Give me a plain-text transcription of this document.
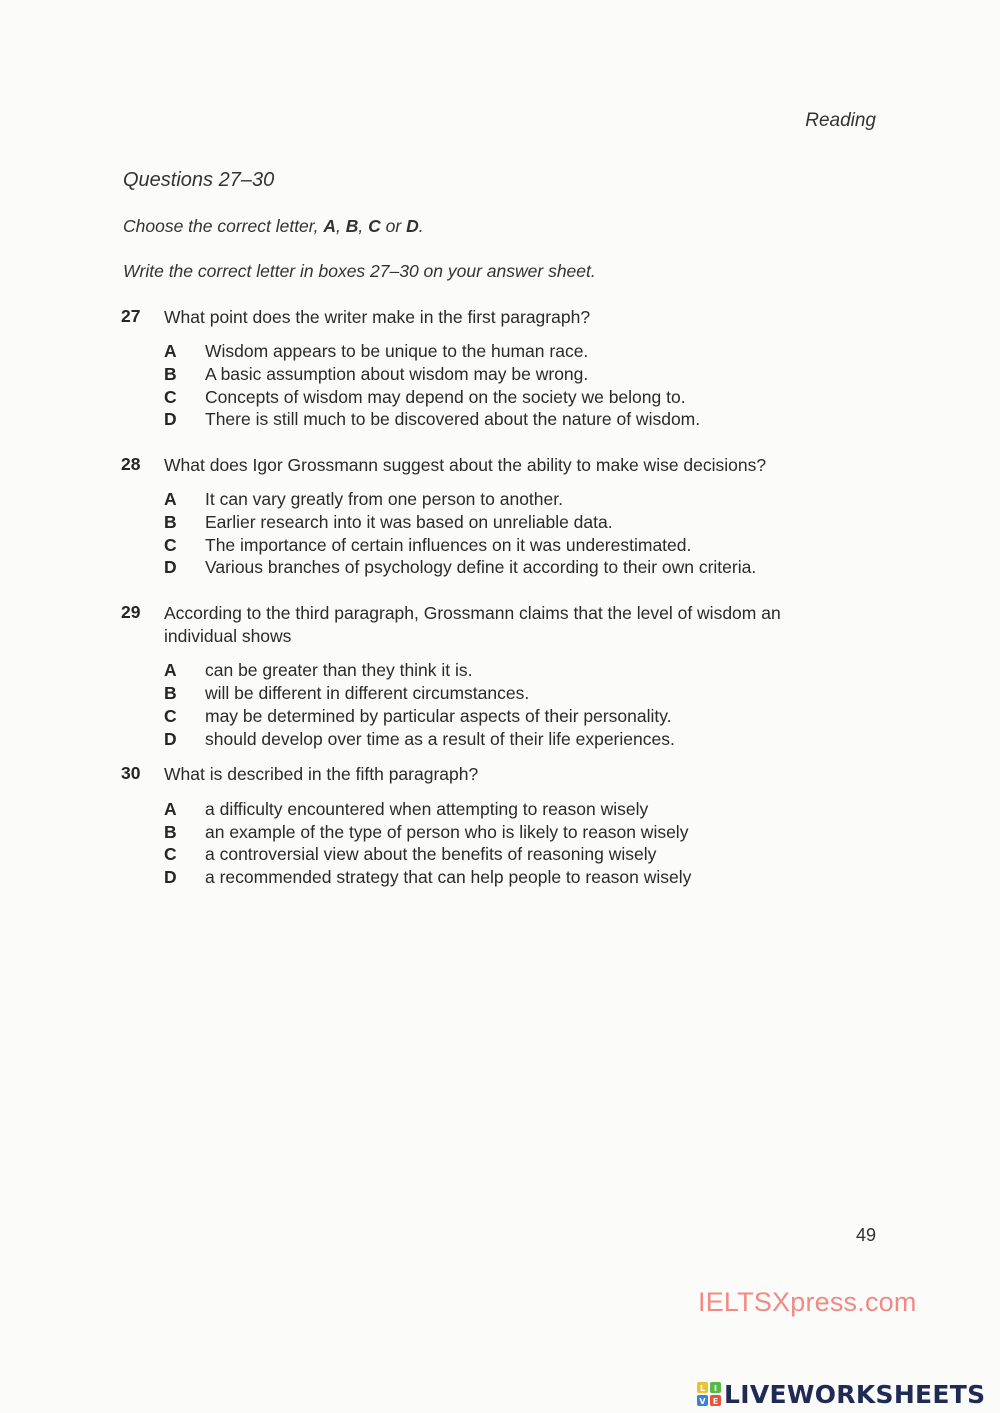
Reading
Questions 27–30
Choose the correct letter, A, B, C or D.
Write the correct letter in boxes 27–30 on your answer sheet.
27 What point does the writer make in the first paragraph?
A Wisdom appears to be unique to the human race.
B A basic assumption about wisdom may be wrong.
C Concepts of wisdom may depend on the society we belong to.
D There is still much to be discovered about the nature of wisdom.
28 What does Igor Grossmann suggest about the ability to make wise decisions?
A It can vary greatly from one person to another.
B Earlier research into it was based on unreliable data.
C The importance of certain influences on it was underestimated.
D Various branches of psychology define it according to their own criteria.
29 According to the third paragraph, Grossmann claims that the level of wisdom an individual shows
A can be greater than they think it is.
B will be different in different circumstances.
C may be determined by particular aspects of their personality.
D should develop over time as a result of their life experiences.
30 What is described in the fifth paragraph?
A a difficulty encountered when attempting to reason wisely
B an example of the type of person who is likely to reason wisely
C a controversial view about the benefits of reasoning wisely
D a recommended strategy that can help people to reason wisely
49
IELTSXpress.com
L I
V E LIVEWORKSHEETS
